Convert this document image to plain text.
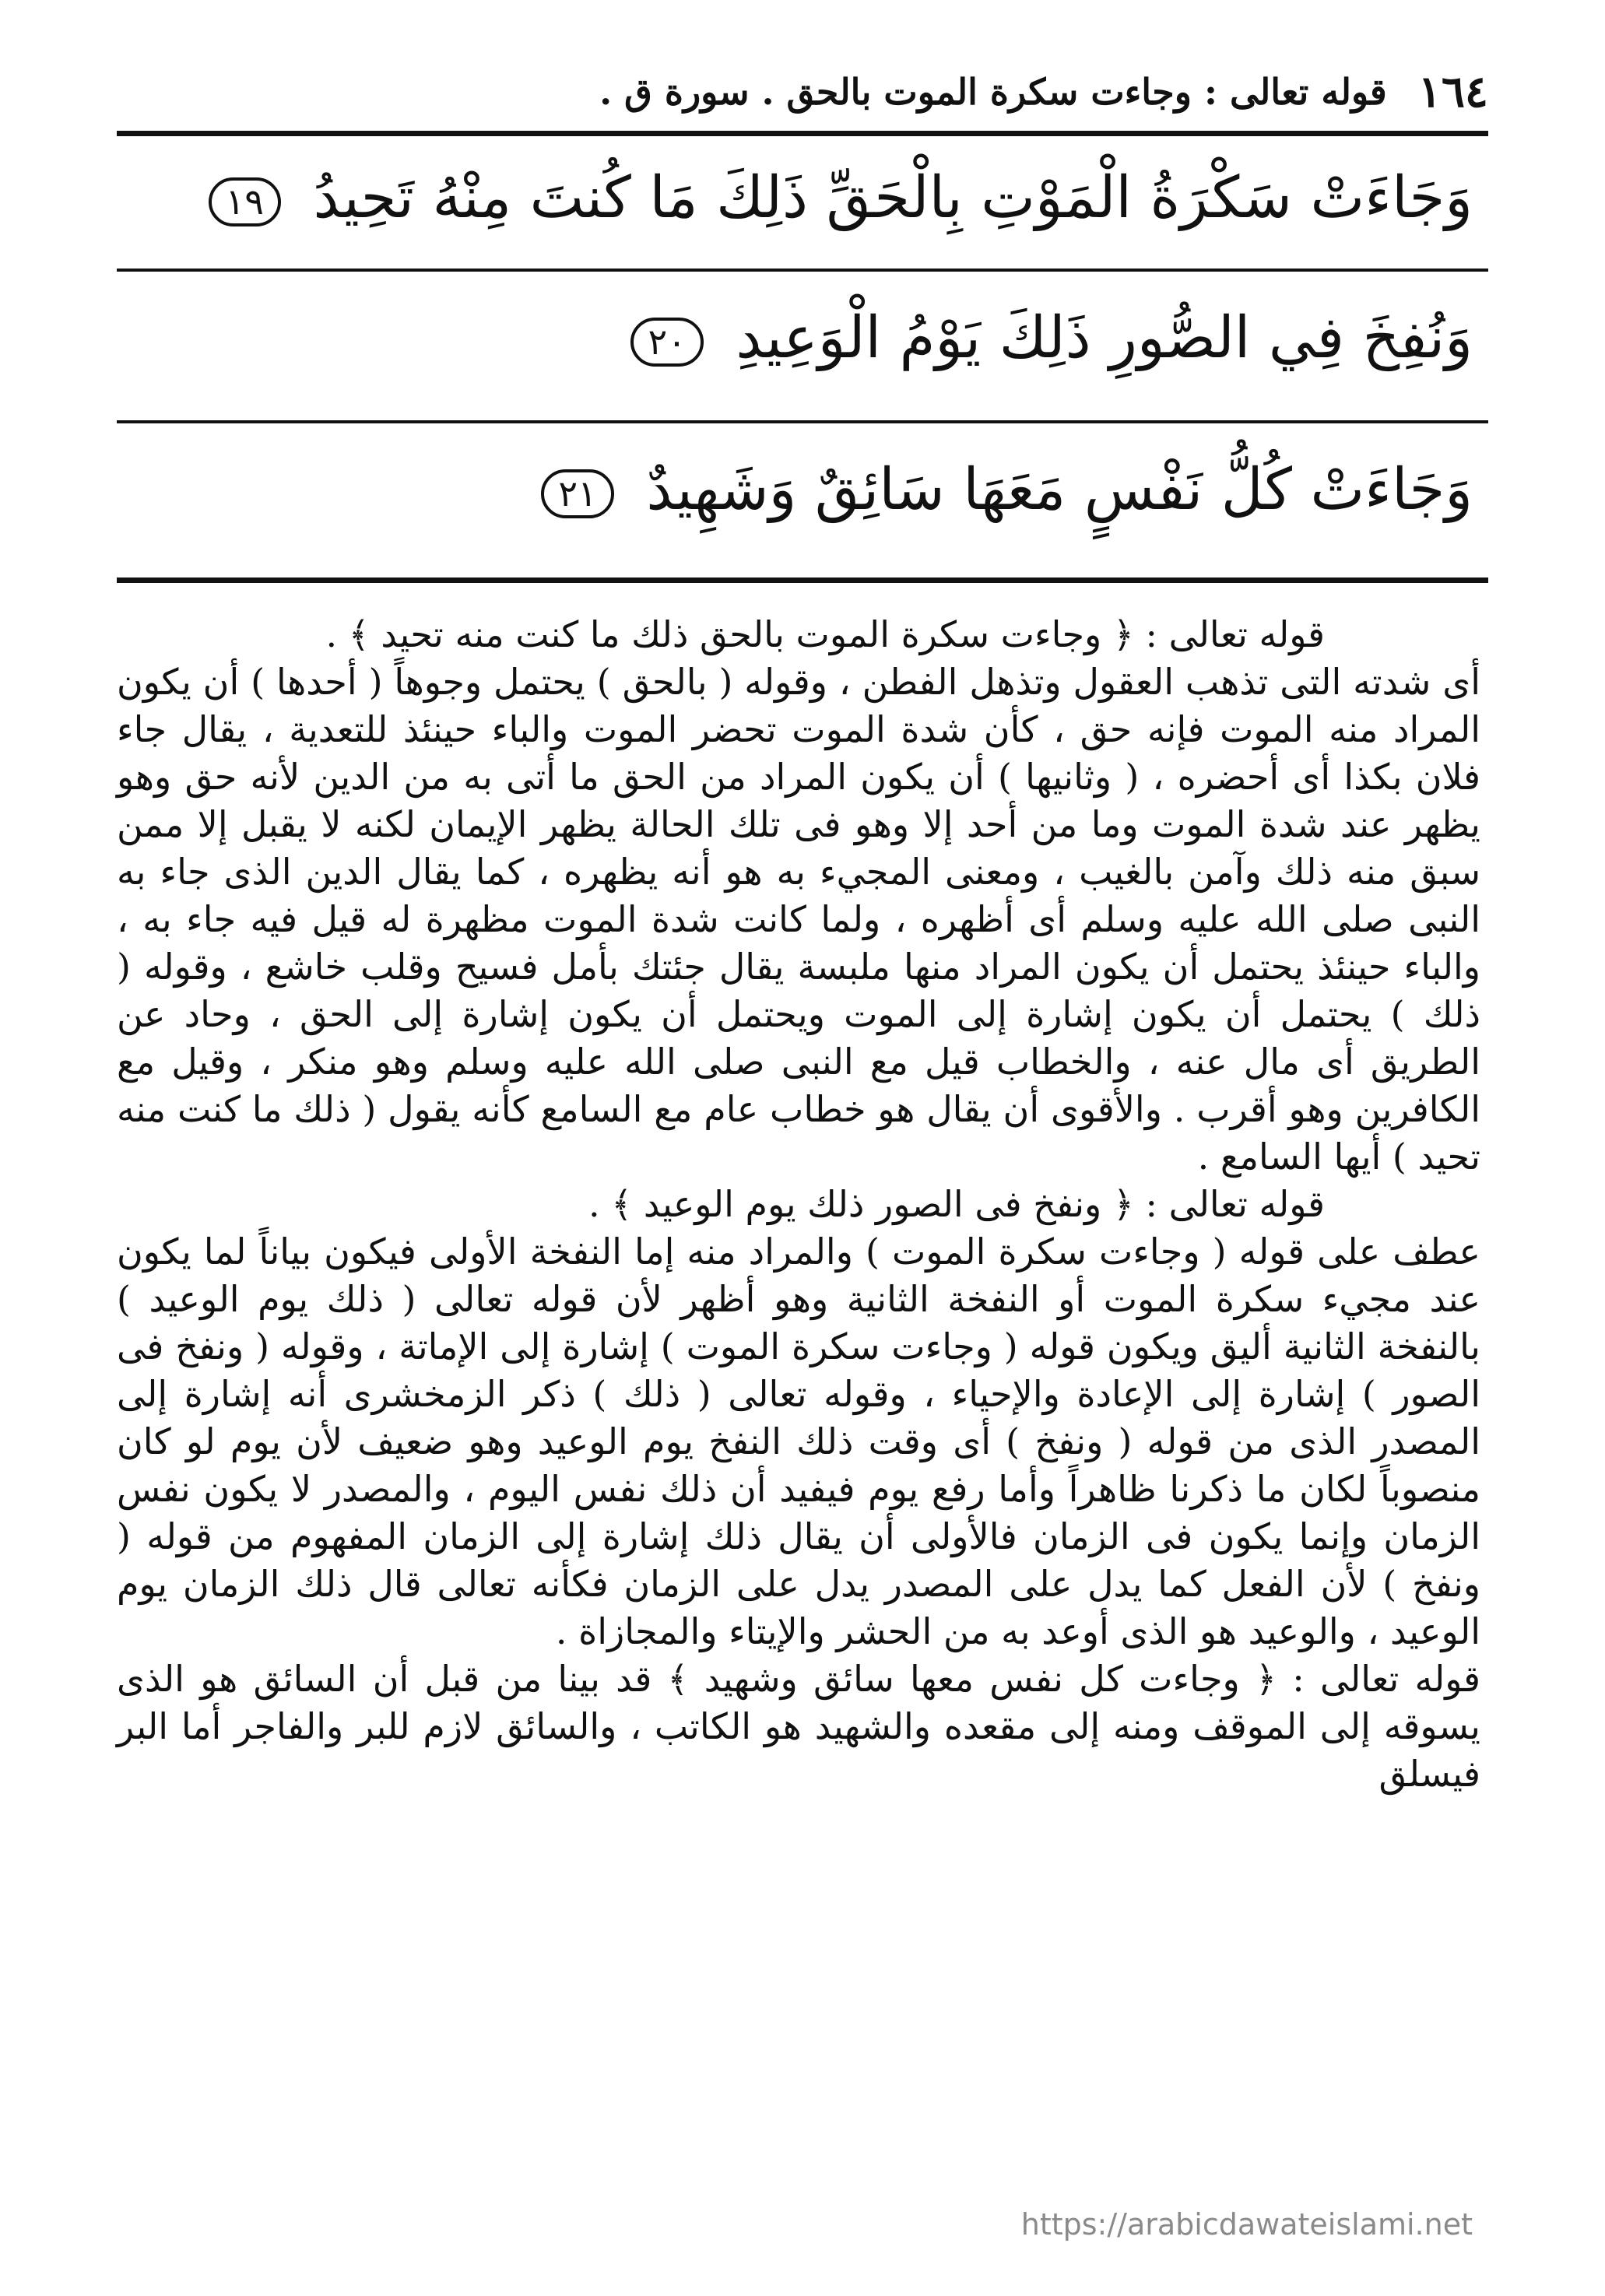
١٦٤
قوله تعالى : وجاءت سكرة الموت بالحق . سورة ق .
وَجَاءَتْ سَكْرَةُ الْمَوْتِ بِالْحَقِّ ذَلِكَ مَا كُنتَ مِنْهُ تَحِيدُ ١٩
وَنُفِخَ فِي الصُّورِ ذَلِكَ يَوْمُ الْوَعِيدِ ٢٠
وَجَاءَتْ كُلُّ نَفْسٍ مَعَهَا سَائِقٌ وَشَهِيدٌ ٢١

قوله تعالى : ﴿ وجاءت سكرة الموت بالحق ذلك ما كنت منه تحيد ﴾ .

أى شدته التى تذهب العقول وتذهل الفطن ، وقوله ( بالحق ) يحتمل وجوهاً ( أحدها ) أن يكون المراد منه الموت فإنه حق ، كأن شدة الموت تحضر الموت والباء حينئذ للتعدية ، يقال جاء فلان بكذا أى أحضره ، ( وثانيها ) أن يكون المراد من الحق ما أتى به من الدين لأنه حق وهو يظهر عند شدة الموت وما من أحد إلا وهو فى تلك الحالة يظهر الإيمان لكنه لا يقبل إلا ممن سبق منه ذلك وآمن بالغيب ، ومعنى المجيء به هو أنه يظهره ، كما يقال الدين الذى جاء به النبى صلى الله عليه وسلم أى أظهره ، ولما كانت شدة الموت مظهرة له قيل فيه جاء به ، والباء حينئذ يحتمل أن يكون المراد منها ملبسة يقال جئتك بأمل فسيح وقلب خاشع ، وقوله ( ذلك ) يحتمل أن يكون إشارة إلى الموت ويحتمل أن يكون إشارة إلى الحق ، وحاد عن الطريق أى مال عنه ، والخطاب قيل مع النبى صلى الله عليه وسلم وهو منكر ، وقيل مع الكافرين وهو أقرب . والأقوى أن يقال هو خطاب عام مع السامع كأنه يقول ( ذلك ما كنت منه تحيد ) أيها السامع .

قوله تعالى : ﴿ ونفخ فى الصور ذلك يوم الوعيد ﴾ .

عطف على قوله ( وجاءت سكرة الموت ) والمراد منه إما النفخة الأولى فيكون بياناً لما يكون عند مجيء سكرة الموت أو النفخة الثانية وهو أظهر لأن قوله تعالى ( ذلك يوم الوعيد ) بالنفخة الثانية أليق ويكون قوله ( وجاءت سكرة الموت ) إشارة إلى الإماتة ، وقوله ( ونفخ فى الصور ) إشارة إلى الإعادة والإحياء ، وقوله تعالى ( ذلك ) ذكر الزمخشرى أنه إشارة إلى المصدر الذى من قوله ( ونفخ ) أى وقت ذلك النفخ يوم الوعيد وهو ضعيف لأن يوم لو كان منصوباً لكان ما ذكرنا ظاهراً وأما رفع يوم فيفيد أن ذلك نفس اليوم ، والمصدر لا يكون نفس الزمان وإنما يكون فى الزمان فالأولى أن يقال ذلك إشارة إلى الزمان المفهوم من قوله ( ونفخ ) لأن الفعل كما يدل على المصدر يدل على الزمان فكأنه تعالى قال ذلك الزمان يوم الوعيد ، والوعيد هو الذى أوعد به من الحشر والإيتاء والمجازاة .

قوله تعالى : ﴿ وجاءت كل نفس معها سائق وشهيد ﴾ قد بينا من قبل أن السائق هو الذى يسوقه إلى الموقف ومنه إلى مقعده والشهيد هو الكاتب ، والسائق لازم للبر والفاجر أما البر فيسلق

https://arabicdawateislami.net
